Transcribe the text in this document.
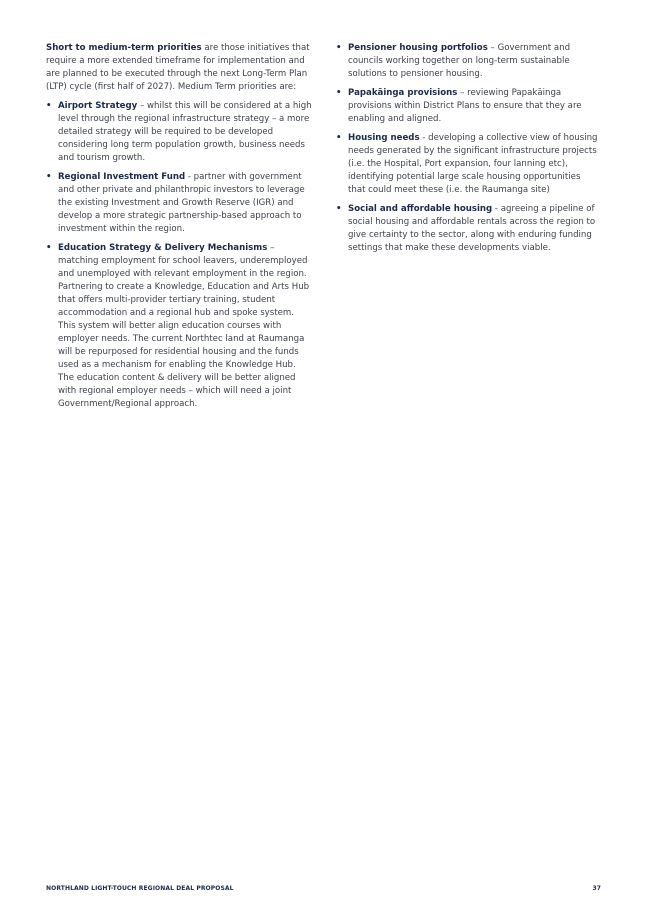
Short to medium-term priorities are those initiatives that require a more extended timeframe for implementation and are planned to be executed through the next Long-Term Plan (LTP) cycle (first half of 2027). Medium Term priorities are:

• Airport Strategy – whilst this will be considered at a high level through the regional infrastructure strategy – a more detailed strategy will be required to be developed considering long term population growth, business needs and tourism growth.
• Regional Investment Fund - partner with government and other private and philanthropic investors to leverage the existing Investment and Growth Reserve (IGR) and develop a more strategic partnership-based approach to investment within the region.
• Education Strategy & Delivery Mechanisms – matching employment for school leavers, underemployed and unemployed with relevant employment in the region. Partnering to create a Knowledge, Education and Arts Hub that offers multi-provider tertiary training, student accommodation and a regional hub and spoke system. This system will better align education courses with employer needs. The current Northtec land at Raumanga will be repurposed for residential housing and the funds used as a mechanism for enabling the Knowledge Hub. The education content & delivery will be better aligned with regional employer needs – which will need a joint Government/Regional approach.
• Pensioner housing portfolios – Government and councils working together on long-term sustainable solutions to pensioner housing.
• Papakāinga provisions – reviewing Papakāinga provisions within District Plans to ensure that they are enabling and aligned.
• Housing needs - developing a collective view of housing needs generated by the significant infrastructure projects (i.e. the Hospital, Port expansion, four lanning etc), identifying potential large scale housing opportunities that could meet these (i.e. the Raumanga site)
• Social and affordable housing - agreeing a pipeline of social housing and affordable rentals across the region to give certainty to the sector, along with enduring funding settings that make these developments viable.
NORTHLAND LIGHT-TOUCH REGIONAL DEAL PROPOSAL	37
